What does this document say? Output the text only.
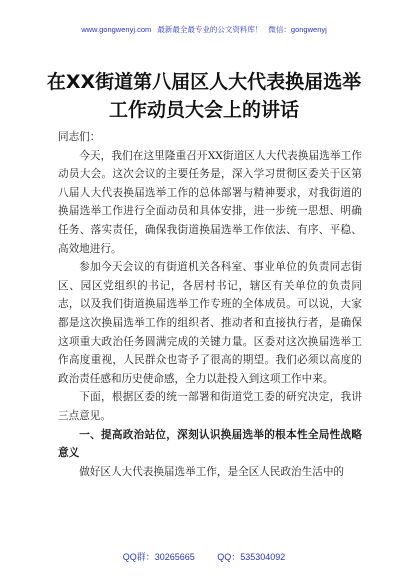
www.gongwenyj.com 最新最全最专业的公文资料库！ 微信：gongwenyj
在XX街道第八届区人大代表换届选举工作动员大会上的讲话

同志们：

今天，我们在这里隆重召开XX街道区人大代表换届选举工作动员大会。这次会议的主要任务是，深入学习贯彻区委关于区第八届人大代表换届选举工作的总体部署与精神要求，对我街道的换届选举工作进行全面动员和具体安排，进一步统一思想、明确任务、落实责任，确保我街道换届选举工作依法、有序、平稳、高效地进行。

参加今天会议的有街道机关各科室、事业单位的负责同志街区、园区党组织的书记，各居村书记，辖区有关单位的负责同志，以及我们街道换届选举工作专班的全体成员。可以说，大家都是这次换届选举工作的组织者、推动者和直接执行者，是确保这项重大政治任务圆满完成的关键力量。区委对这次换届选举工作高度重视，人民群众也寄予了很高的期望。我们必须以高度的政治责任感和历史使命感，全力以赴投入到这项工作中来。

下面，根据区委的统一部署和街道党工委的研究决定，我讲三点意见。

一、提高政治站位，深刻认识换届选举的根本性全局性战略意义

做好区人大代表换届选举工作，是全区人民政治生活中的

QQ群：30265665	QQ：535304092
